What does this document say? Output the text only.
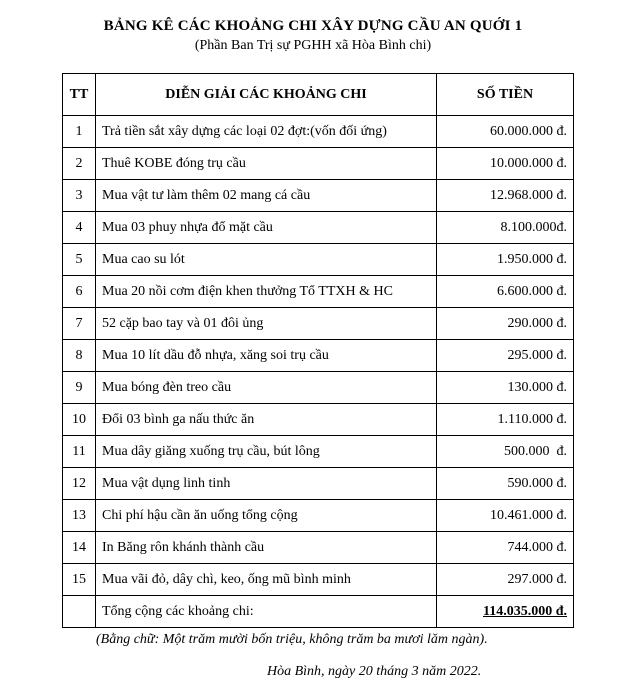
BẢNG KÊ CÁC KHOẢNG CHI XÂY DỰNG CẦU AN QUỚI 1
(Phần Ban Trị sự PGHH xã Hòa Bình chi)
TT	DIỄN GIẢI CÁC KHOẢNG CHI	SỐ TIỀN
1	Trả tiền sắt xây dựng các loại 02 đợt:(vốn đối ứng)	60.000.000 đ.
2	Thuê KOBE đóng trụ cầu	10.000.000 đ.
3	Mua vật tư làm thêm 02 mang cá cầu	12.968.000 đ.
4	Mua 03 phuy nhựa đổ mặt cầu	8.100.000đ.
5	Mua cao su lót	1.950.000 đ.
6	Mua 20 nồi cơm điện khen thưởng Tổ TTXH & HC	6.600.000 đ.
7	52 cặp bao tay và 01 đôi ủng	290.000 đ.
8	Mua 10 lít dầu đỗ nhựa, xăng soi trụ cầu	295.000 đ.
9	Mua bóng đèn treo cầu	130.000 đ.
10	Đổi 03 bình ga nấu thức ăn	1.110.000 đ.
11	Mua dây giăng xuống trụ cầu, bút lông	500.000  đ.
12	Mua vật dụng linh tinh	590.000 đ.
13	Chi phí hậu cần ăn uống tổng cộng	10.461.000 đ.
14	In Băng rôn khánh thành cầu	744.000 đ.
15	Mua vãi đỏ, dây chì, keo, ống mũ bình minh	297.000 đ.
	Tổng cộng các khoảng chi:	114.035.000 đ.
(Bằng chữ: Một trăm mười bốn triệu, không trăm ba mươi lăm ngàn).
Hòa Bình, ngày 20 tháng 3 năm 2022.
